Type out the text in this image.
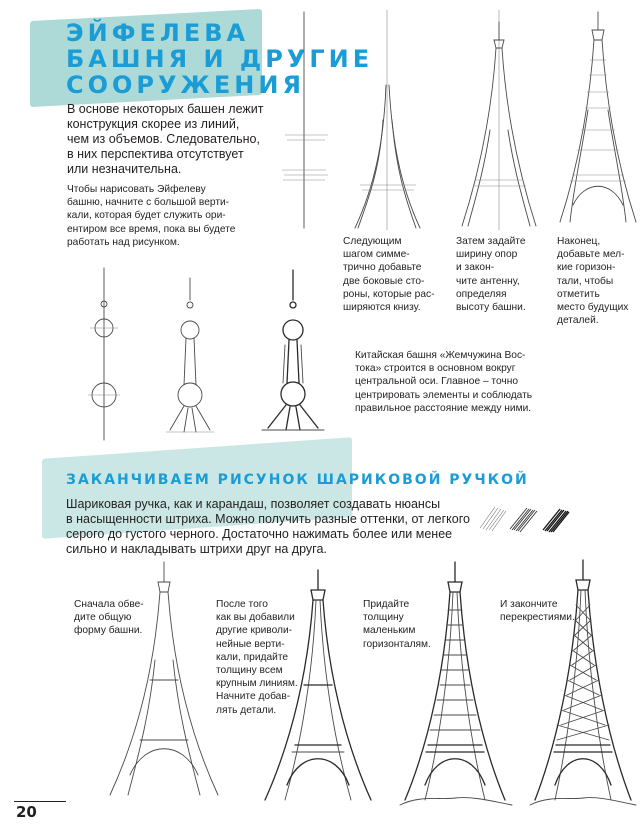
ЭЙФЕЛЕВА
БАШНЯ И ДРУГИЕ
СООРУЖЕНИЯ
В основе некоторых башен лежит
конструкция скорее из линий,
чем из объемов. Следовательно,
в них перспектива отсутствует
или незначительна.
Чтобы нарисовать Эйфелеву
башню, начните с большой верти-
кали, которая будет служить ори-
ентиром все время, пока вы будете
работать над рисунком.	Следующим
шагом симме-
трично добавьте
две боковые сто-
роны, которые рас-
ширяются книзу.
Затем задайте
ширину опор
и закон-
чите антенну,
определяя
высоту башни.
Наконец,
добавьте мел-
кие горизон-
тали, чтобы
отметить
место будущих
деталей.
Китайская башня «Жемчужина Вос-
тока» строится в основном вокруг
центральной оси. Главное – точно
центрировать элементы и соблюдать
правильное расстояние между ними.
ЗАКАНЧИВАЕМ РИСУНОК ШАРИКОВОЙ РУЧКОЙ
Шариковая ручка, как и карандаш, позволяет создавать нюансы
в насыщенности штриха. Можно получить разные оттенки, от легкого
серого до густого черного. Достаточно нажимать более или менее
сильно и накладывать штрихи друг на друга.
Сначала обве-
дите общую
форму башни.
После того
как вы добавили
другие криволи-
нейные верти-
кали, придайте
толщину всем
крупным линиям.
Начните добав-
лять детали.
Придайте
толщину
маленьким
горизонталям.
И закончите
перекрестиями.
20
